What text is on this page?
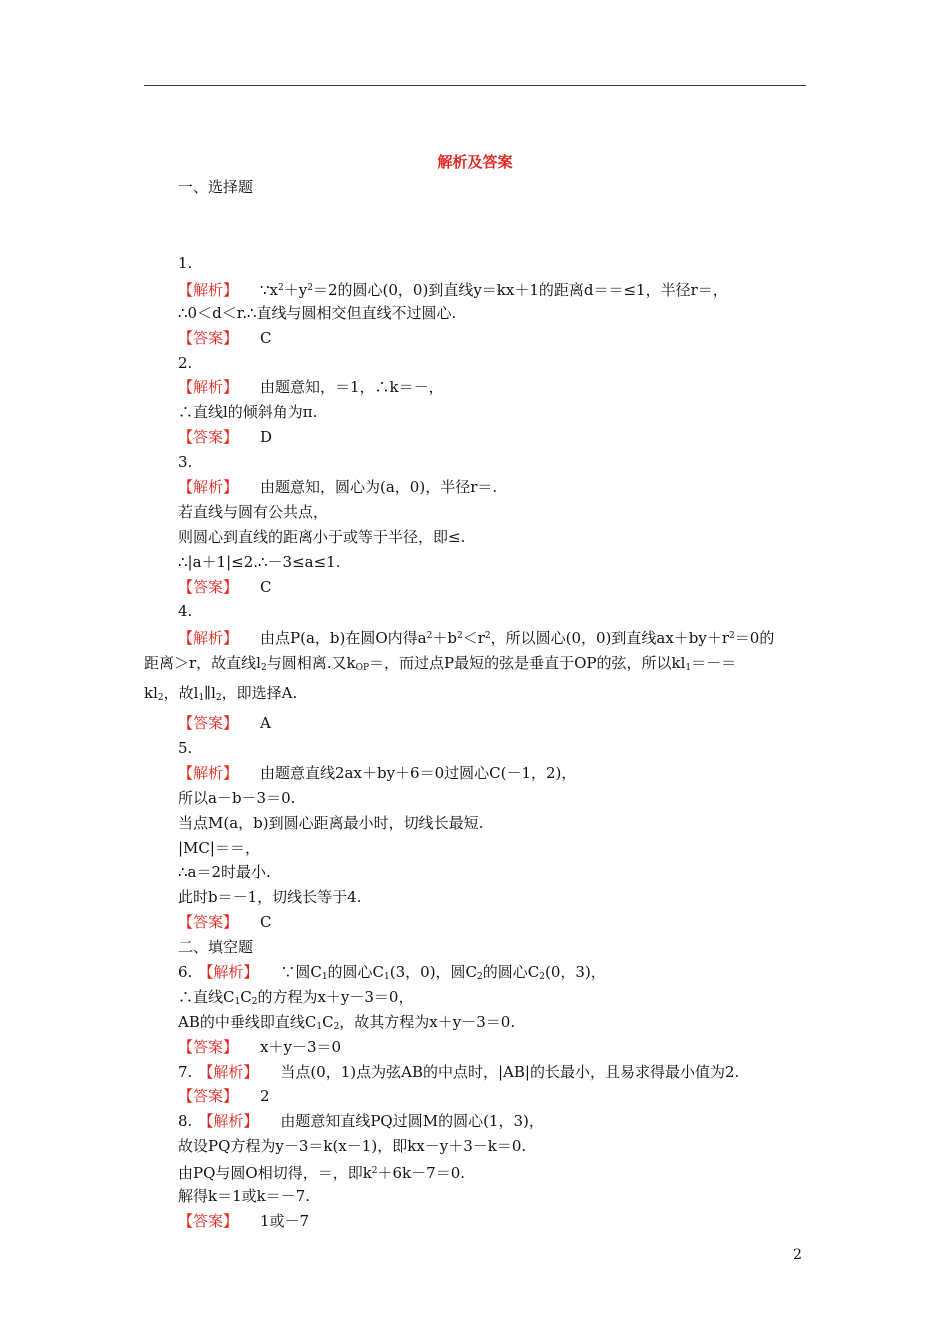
解析及答案
一、选择题
1.
【解析】 $\because x^2+y^2=2$的圆心(0，0)到直线y＝kx＋1的距离d＝＝≤1，半径r＝，
∴0＜d＜r.∴直线与圆相交但直线不过圆心.
【答案】 C
2.
【解析】 由题意知，＝1，∴k＝－，
∴直线l的倾斜角为π.
【答案】 D
3.
【解析】 由题意知，圆心为(a，0)，半径r＝.
若直线与圆有公共点，
则圆心到直线的距离小于或等于半径，即≤.
∴|a＋1|≤2.∴－3≤a≤1.
【答案】 C
4.
【解析】 由点P(a，b)在圆O内得$a^2+b^2<r^2$，所以圆心(0，0)到直线$ax+by+r^2=0$的
距离＞r，故直线$l_2$与圆相离.又$k_{OP}=$，而过点P最短的弦是垂直于OP的弦，所以$kl_1=-=$
$kl_2$，故$l_1\parallel l_2$，即选择A.
【答案】 A
5.
【解析】 由题意直线2ax＋by＋6＝0过圆心C(－1，2)，
所以a－b－3＝0.
当点M(a，b)到圆心距离最小时，切线长最短.
|MC|＝＝，
∴a＝2时最小.
此时b＝－1，切线长等于4.
【答案】 C
二、填空题
6. 【解析】 ∵圆$C_1$的圆心$C_1(3$，0)，圆$C_2$的圆心$C_2(0$，3)，
∴直线$C_1C_2$的方程为x＋y－3＝0，
AB的中垂线即直线$C_1C_2$，故其方程为x＋y－3＝0.
【答案】 x＋y－3＝0
7. 【解析】 当点(0，1)点为弦AB的中点时，|AB|的长最小，且易求得最小值为2.
【答案】 2
8. 【解析】 由题意知直线PQ过圆M的圆心(1，3)，
故设PQ方程为y－3＝k(x－1)，即kx－y＋3－k＝0.
由PQ与圆O相切得，＝，即$k^2+6k-7=0$.
解得k＝1或k＝－7.
【答案】 1或－7
2
